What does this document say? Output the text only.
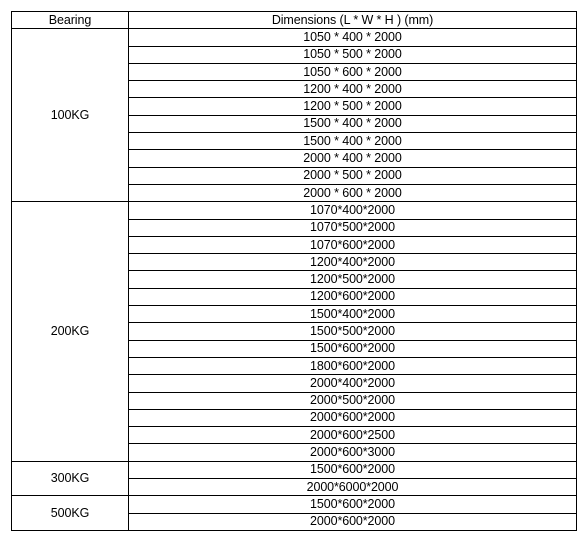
Bearing	Dimensions (L * W * H ) (mm)
100KG	1050 * 400 * 2000
	1050 * 500 * 2000
	1050 * 600 * 2000
	1200 * 400 * 2000
	1200 * 500 * 2000
	1500 * 400 * 2000
	1500 * 400 * 2000
	2000 * 400 * 2000
	2000 * 500 * 2000
	2000 * 600 * 2000
200KG	1070*400*2000
	1070*500*2000
	1070*600*2000
	1200*400*2000
	1200*500*2000
	1200*600*2000
	1500*400*2000
	1500*500*2000
	1500*600*2000
	1800*600*2000
	2000*400*2000
	2000*500*2000
	2000*600*2000
	2000*600*2500
	2000*600*3000
300KG	1500*600*2000
	2000*6000*2000
500KG	1500*600*2000
	2000*600*2000
